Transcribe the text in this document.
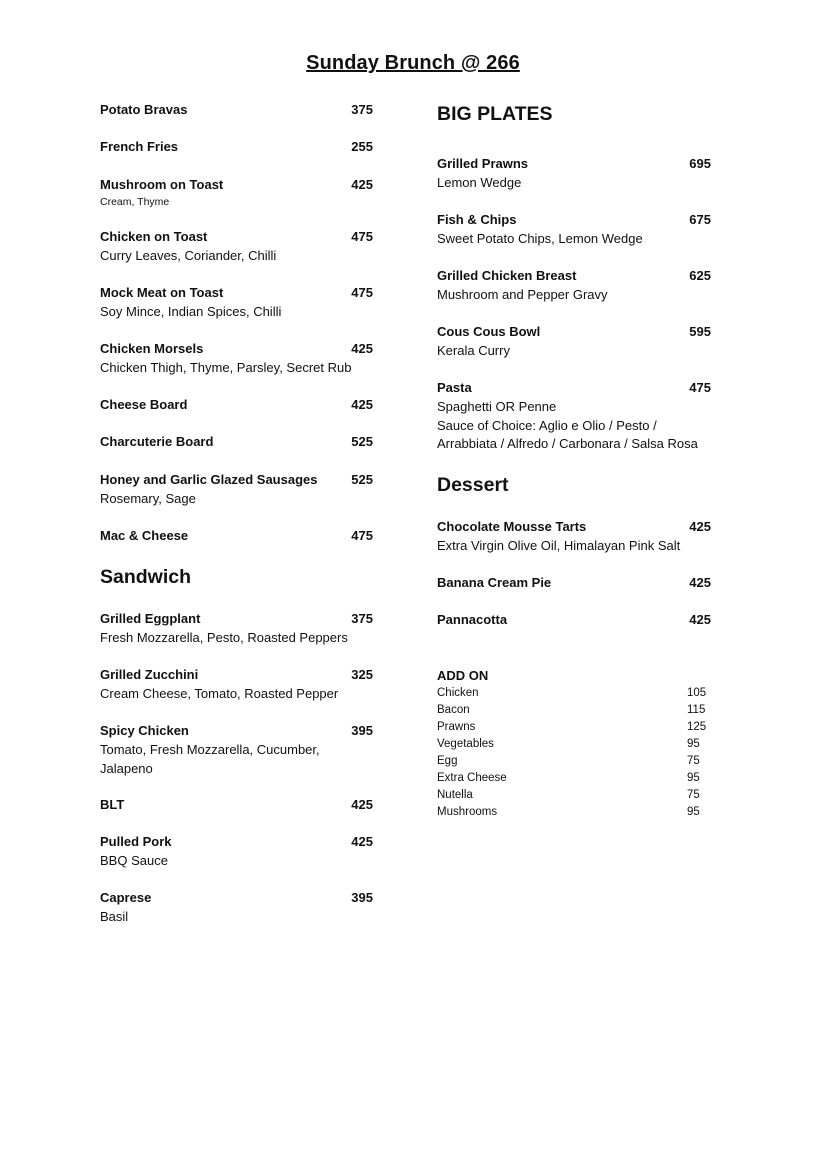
Sunday Brunch @ 266
Potato Bravas	375
French Fries	255
Mushroom on Toast	425
Cream, Thyme
Chicken on Toast	475
Curry Leaves, Coriander, Chilli
Mock Meat on Toast	475
Soy Mince, Indian Spices, Chilli
Chicken Morsels	425
Chicken Thigh, Thyme, Parsley, Secret Rub
Cheese Board	425
Charcuterie Board	525
Honey and Garlic Glazed Sausages	525
Rosemary, Sage
Mac & Cheese	475
Sandwich
Grilled Eggplant	375
Fresh Mozzarella, Pesto, Roasted Peppers
Grilled Zucchini	325
Cream Cheese, Tomato, Roasted Pepper
Spicy Chicken	395
Tomato, Fresh Mozzarella, Cucumber,
Jalapeno
BLT	425
Pulled Pork	425
BBQ Sauce
Caprese	395
Basil
BIG PLATES
Grilled Prawns	695
Lemon Wedge
Fish & Chips	675
Sweet Potato Chips, Lemon Wedge
Grilled Chicken Breast	625
Mushroom and Pepper Gravy
Cous Cous Bowl	595
Kerala Curry
Pasta	475
Spaghetti OR Penne
Sauce of Choice: Aglio e Olio / Pesto /
Arrabbiata / Alfredo / Carbonara / Salsa Rosa
Dessert
Chocolate Mousse Tarts	425
Extra Virgin Olive Oil, Himalayan Pink Salt
Banana Cream Pie	425
Pannacotta	425
ADD ON
Chicken	105
Bacon	115
Prawns	125
Vegetables	95
Egg	75
Extra Cheese	95
Nutella	75
Mushrooms	95
